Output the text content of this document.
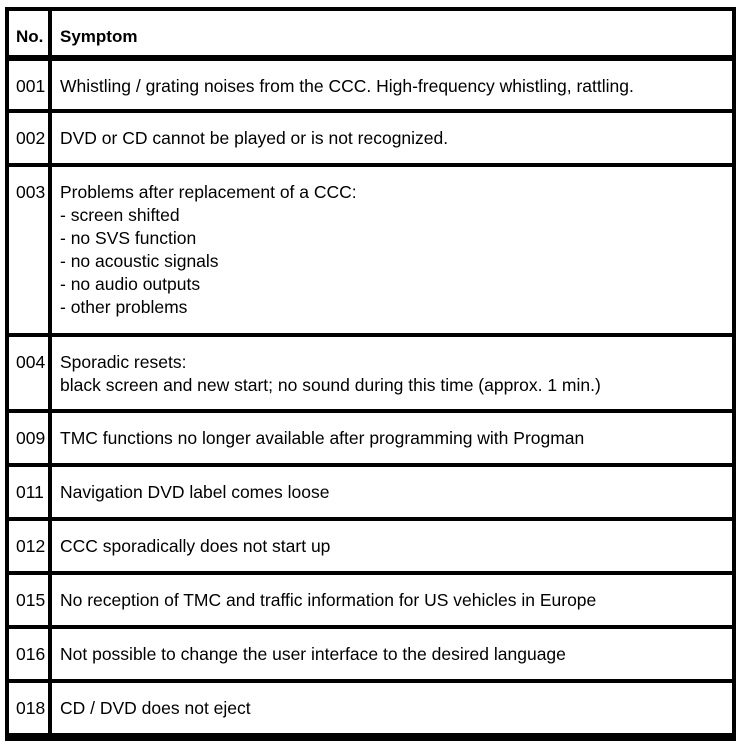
No. Symptom
001 Whistling / grating noises from the CCC. High-frequency whistling, rattling.
002 DVD or CD cannot be played or is not recognized.
003 Problems after replacement of a CCC:
- screen shifted
- no SVS function
- no acoustic signals
- no audio outputs
- other problems
004 Sporadic resets:
black screen and new start; no sound during this time (approx. 1 min.)
009 TMC functions no longer available after programming with Progman
011 Navigation DVD label comes loose
012 CCC sporadically does not start up
015 No reception of TMC and traffic information for US vehicles in Europe
016 Not possible to change the user interface to the desired language
018 CD / DVD does not eject
